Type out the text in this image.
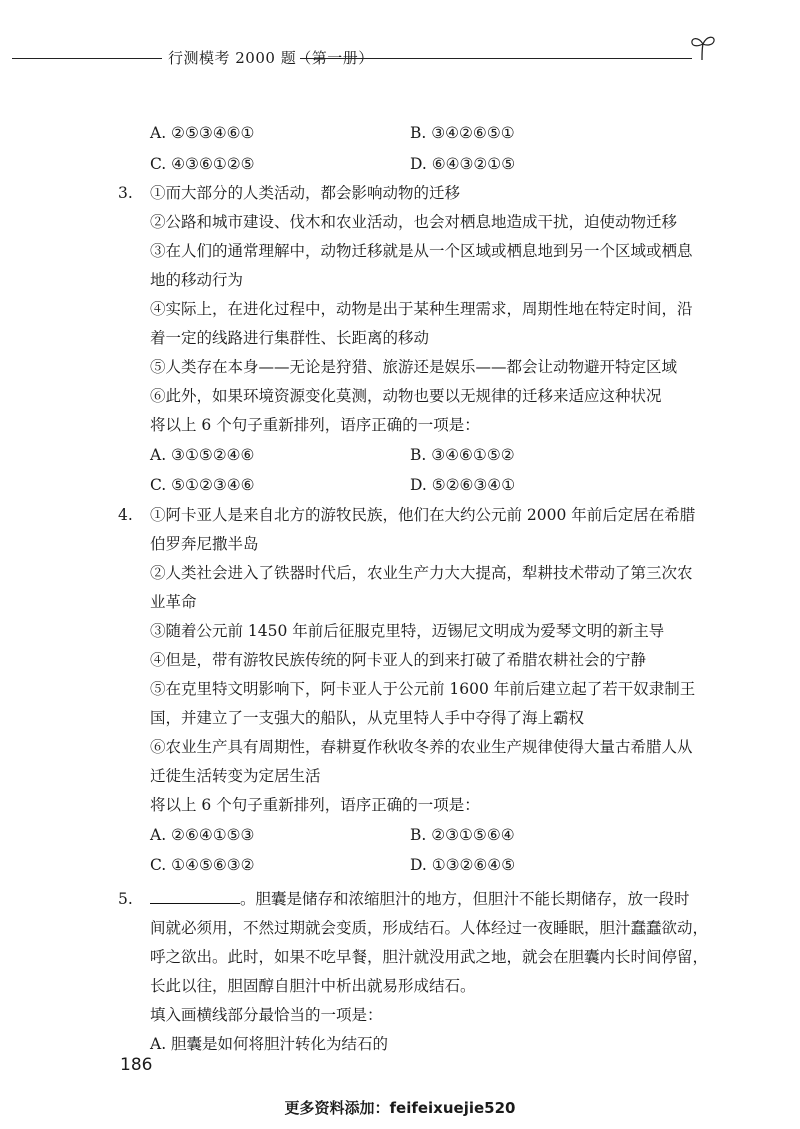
行测模考 2000 题（第一册）
A. ②⑤③④⑥①	B. ③④②⑥⑤①
C. ④③⑥①②⑤	D. ⑥④③②①⑤
3. ①而大部分的人类活动，都会影响动物的迁移
②公路和城市建设、伐木和农业活动，也会对栖息地造成干扰，迫使动物迁移
③在人们的通常理解中，动物迁移就是从一个区域或栖息地到另一个区域或栖息
地的移动行为
④实际上，在进化过程中，动物是出于某种生理需求，周期性地在特定时间，沿
着一定的线路进行集群性、长距离的移动
⑤人类存在本身——无论是狩猎、旅游还是娱乐——都会让动物避开特定区域
⑥此外，如果环境资源变化莫测，动物也要以无规律的迁移来适应这种状况
将以上 6 个句子重新排列，语序正确的一项是：
A. ③①⑤②④⑥	B. ③④⑥①⑤②
C. ⑤①②③④⑥	D. ⑤②⑥③④①
4. ①阿卡亚人是来自北方的游牧民族，他们在大约公元前 2000 年前后定居在希腊
伯罗奔尼撒半岛
②人类社会进入了铁器时代后，农业生产力大大提高，犁耕技术带动了第三次农
业革命
③随着公元前 1450 年前后征服克里特，迈锡尼文明成为爱琴文明的新主导
④但是，带有游牧民族传统的阿卡亚人的到来打破了希腊农耕社会的宁静
⑤在克里特文明影响下，阿卡亚人于公元前 1600 年前后建立起了若干奴隶制王
国，并建立了一支强大的船队，从克里特人手中夺得了海上霸权
⑥农业生产具有周期性，春耕夏作秋收冬养的农业生产规律使得大量古希腊人从
迁徙生活转变为定居生活
将以上 6 个句子重新排列，语序正确的一项是：
A. ②⑥④①⑤③	B. ②③①⑤⑥④
C. ①④⑤⑥③②	D. ①③②⑥④⑤
5.	。胆囊是储存和浓缩胆汁的地方，但胆汁不能长期储存，放一段时
间就必须用，不然过期就会变质，形成结石。人体经过一夜睡眠，胆汁蠢蠢欲动，
呼之欲出。此时，如果不吃早餐，胆汁就没用武之地，就会在胆囊内长时间停留，
长此以往，胆固醇自胆汁中析出就易形成结石。
填入画横线部分最恰当的一项是：
A. 胆囊是如何将胆汁转化为结石的
186
更多资料添加：feifeixuejie520
